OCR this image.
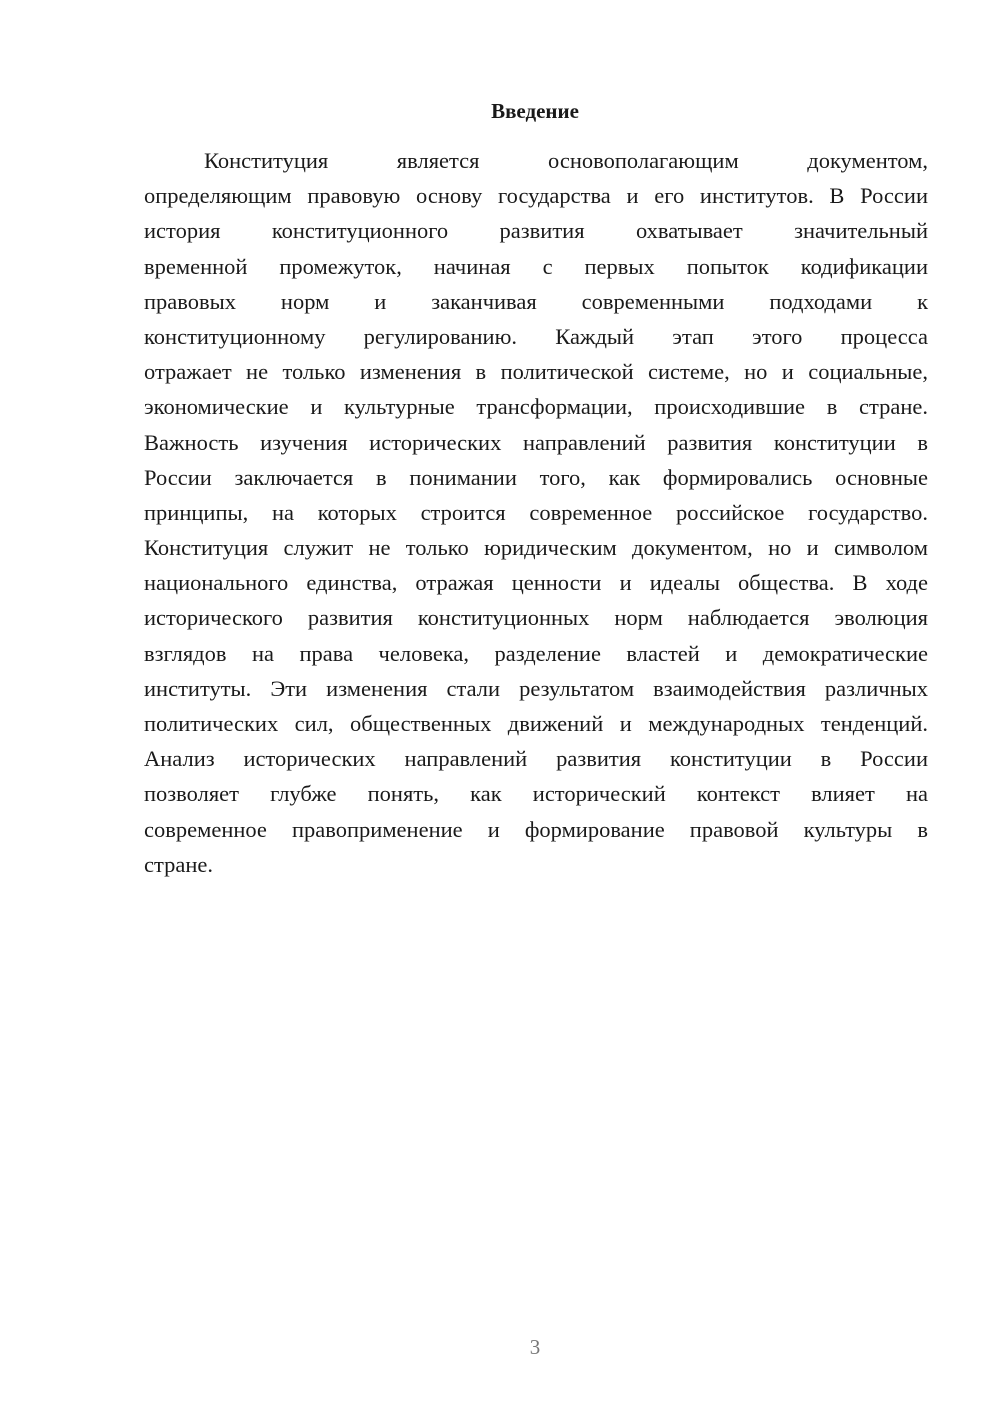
Введение
Конституция является основополагающим документом,
определяющим правовую основу государства и его институтов. В России
история конституционного развития охватывает значительный
временной промежуток, начиная с первых попыток кодификации
правовых норм и заканчивая современными подходами к
конституционному регулированию. Каждый этап этого процесса
отражает не только изменения в политической системе, но и социальные,
экономические и культурные трансформации, происходившие в стране.
Важность изучения исторических направлений развития конституции в
России заключается в понимании того, как формировались основные
принципы, на которых строится современное российское государство.
Конституция служит не только юридическим документом, но и символом
национального единства, отражая ценности и идеалы общества. В ходе
исторического развития конституционных норм наблюдается эволюция
взглядов на права человека, разделение властей и демократические
институты. Эти изменения стали результатом взаимодействия различных
политических сил, общественных движений и международных тенденций.
Анализ исторических направлений развития конституции в России
позволяет глубже понять, как исторический контекст влияет на
современное правоприменение и формирование правовой культуры в
стране.
3
